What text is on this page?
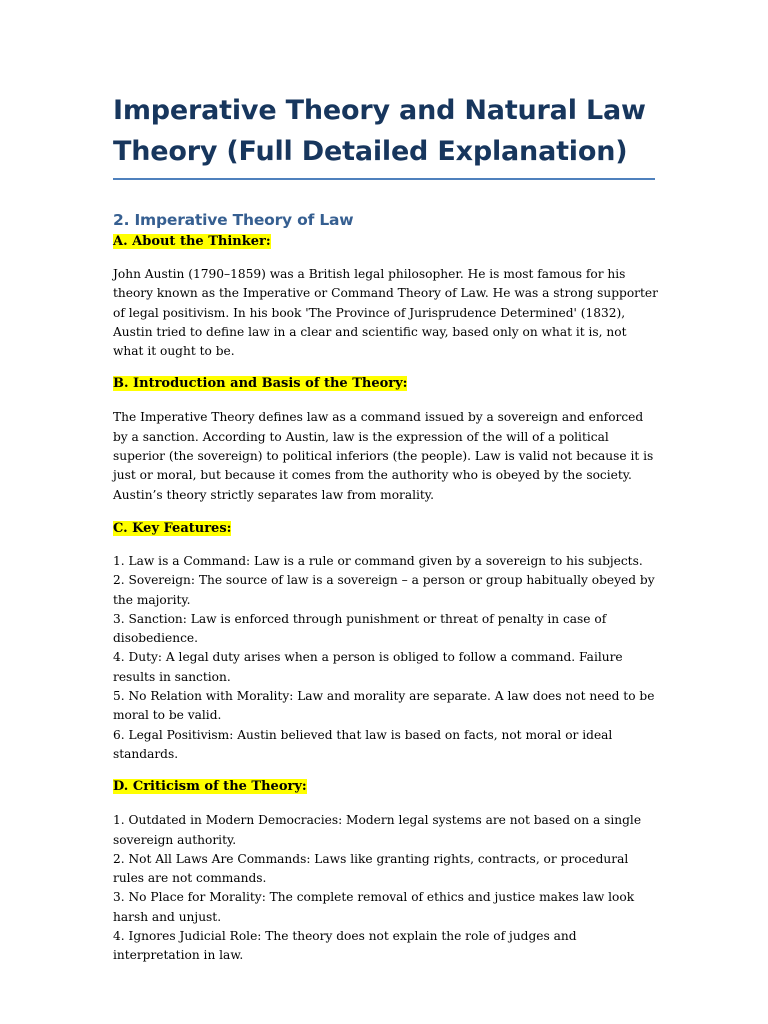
Imperative Theory and Natural Law Theory (Full Detailed Explanation)
2. Imperative Theory of Law
A. About the Thinker:

John Austin (1790–1859) was a British legal philosopher. He is most famous for his theory known as the Imperative or Command Theory of Law. He was a strong supporter of legal positivism. In his book 'The Province of Jurisprudence Determined' (1832), Austin tried to define law in a clear and scientific way, based only on what it is, not what it ought to be.

B. Introduction and Basis of the Theory:

The Imperative Theory defines law as a command issued by a sovereign and enforced by a sanction. According to Austin, law is the expression of the will of a political superior (the sovereign) to political inferiors (the people). Law is valid not because it is just or moral, but because it comes from the authority who is obeyed by the society. Austin’s theory strictly separates law from morality.

C. Key Features:
1. Law is a Command: Law is a rule or command given by a sovereign to his subjects.
2. Sovereign: The source of law is a sovereign – a person or group habitually obeyed by the majority.
3. Sanction: Law is enforced through punishment or threat of penalty in case of disobedience.
4. Duty: A legal duty arises when a person is obliged to follow a command. Failure results in sanction.
5. No Relation with Morality: Law and morality are separate. A law does not need to be moral to be valid.
6. Legal Positivism: Austin believed that law is based on facts, not moral or ideal standards.
D. Criticism of the Theory:
1. Outdated in Modern Democracies: Modern legal systems are not based on a single sovereign authority.
2. Not All Laws Are Commands: Laws like granting rights, contracts, or procedural rules are not commands.
3. No Place for Morality: The complete removal of ethics and justice makes law look harsh and unjust.
4. Ignores Judicial Role: The theory does not explain the role of judges and interpretation in law.
